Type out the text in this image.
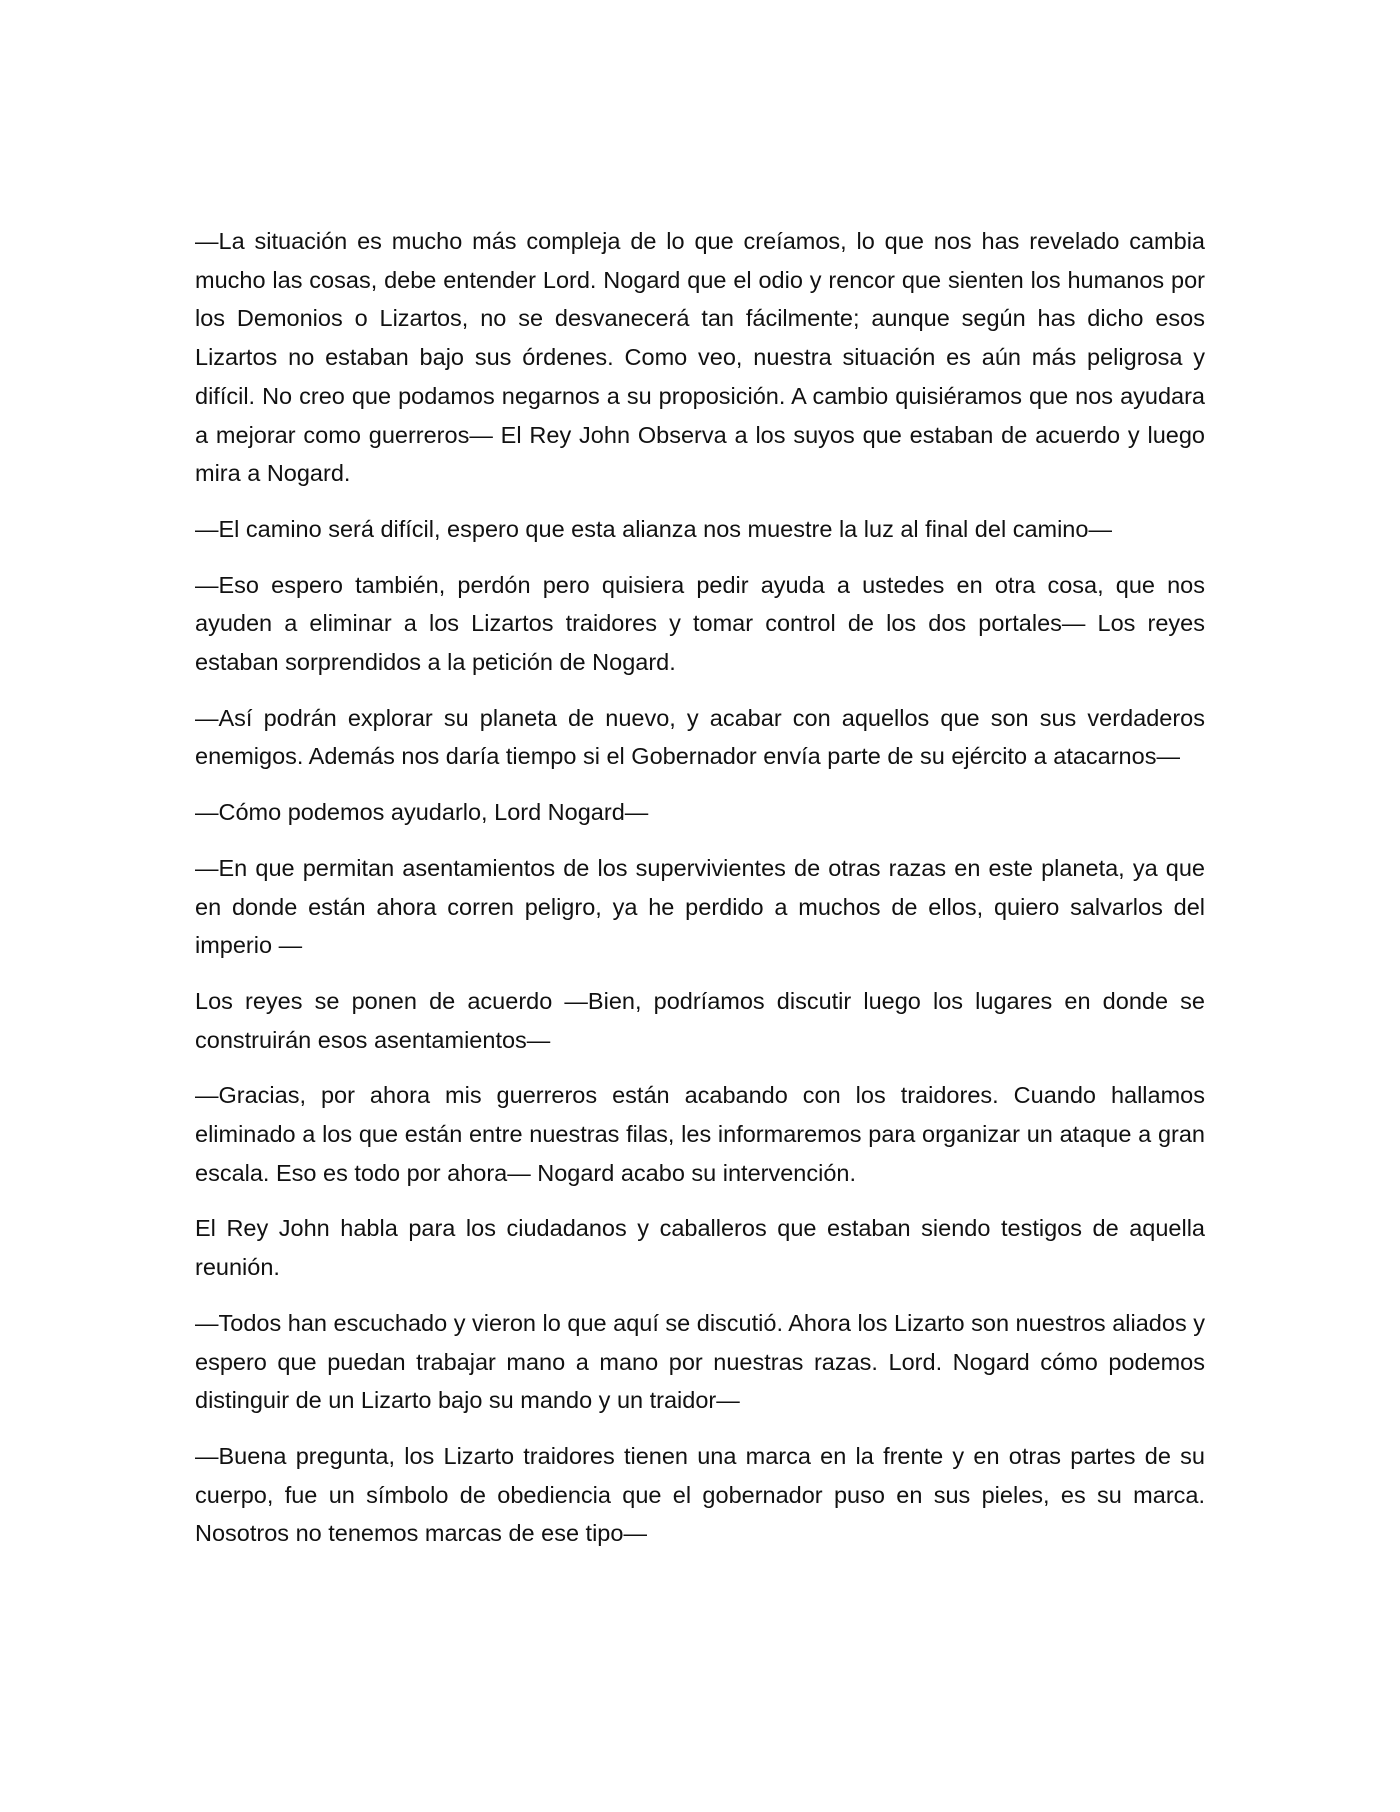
—La situación es mucho más compleja de lo que creíamos, lo que nos has revelado cambia mucho las cosas, debe entender Lord. Nogard que el odio y rencor que sienten los humanos por los Demonios o Lizartos, no se desvanecerá tan fácilmente; aunque según has dicho esos Lizartos no estaban bajo sus órdenes. Como veo, nuestra situación es aún más peligrosa y difícil. No creo que podamos negarnos a su proposición. A cambio quisiéramos que nos ayudara a mejorar como guerreros— El Rey John Observa a los suyos que estaban de acuerdo y luego mira a Nogard.

—El camino será difícil, espero que esta alianza nos muestre la luz al final del camino—

—Eso espero también, perdón pero quisiera pedir ayuda a ustedes en otra cosa, que nos ayuden a eliminar a los Lizartos traidores y tomar control de los dos portales— Los reyes estaban sorprendidos a la petición de Nogard.

—Así podrán explorar su planeta de nuevo, y acabar con aquellos que son sus verdaderos enemigos. Además nos daría tiempo si el Gobernador envía parte de su ejército a atacarnos—

—Cómo podemos ayudarlo, Lord Nogard—

—En que permitan asentamientos de los supervivientes de otras razas en este planeta, ya que en donde están ahora corren peligro, ya he perdido a muchos de ellos, quiero salvarlos del imperio —

Los reyes se ponen de acuerdo —Bien, podríamos discutir luego los lugares en donde se construirán esos asentamientos—

—Gracias, por ahora mis guerreros están acabando con los traidores. Cuando hallamos eliminado a los que están entre nuestras filas, les informaremos para organizar un ataque a gran escala. Eso es todo por ahora— Nogard acabo su intervención.

El Rey John habla para los ciudadanos y caballeros que estaban siendo testigos de aquella reunión.

—Todos han escuchado y vieron lo que aquí se discutió. Ahora los Lizarto son nuestros aliados y espero que puedan trabajar mano a mano por nuestras razas. Lord. Nogard cómo podemos distinguir de un Lizarto bajo su mando y un traidor—

—Buena pregunta, los Lizarto traidores tienen una marca en la frente y en otras partes de su cuerpo, fue un símbolo de obediencia que el gobernador puso en sus pieles, es su marca. Nosotros no tenemos marcas de ese tipo—
